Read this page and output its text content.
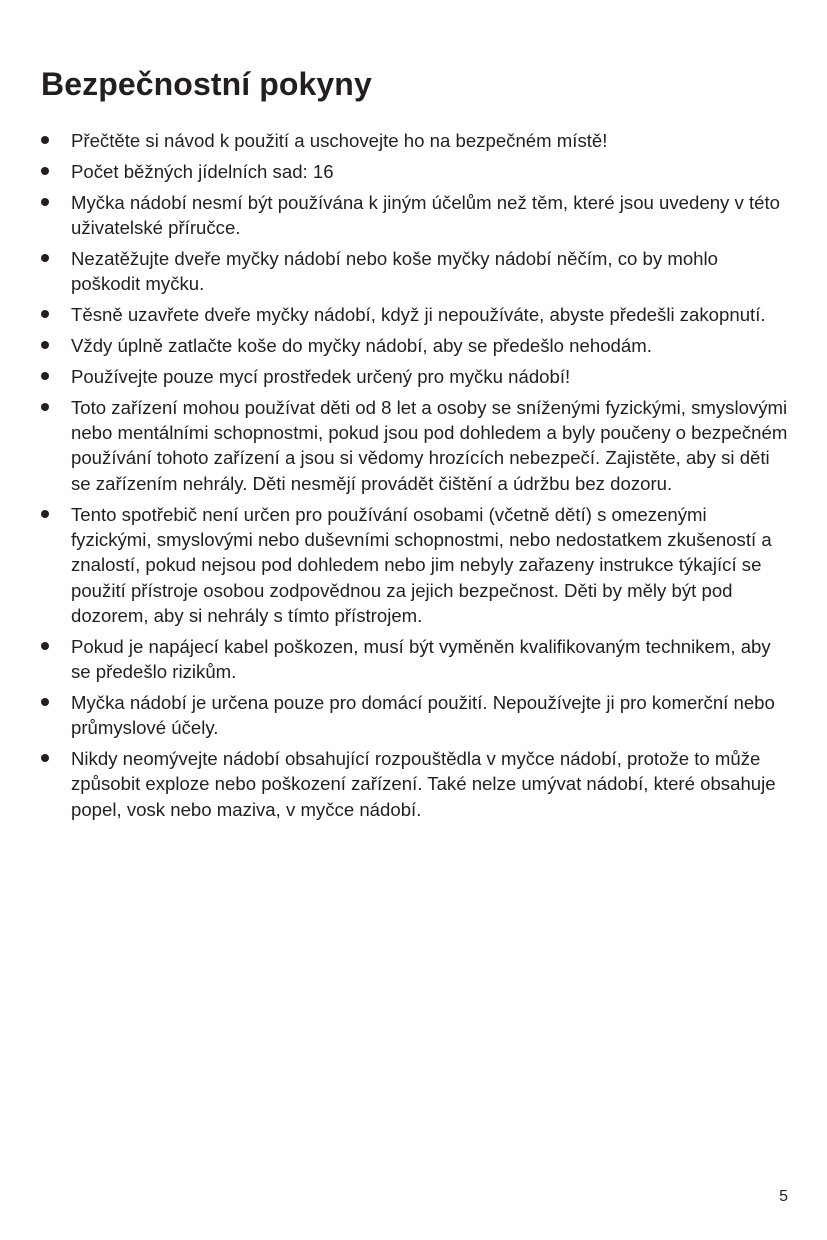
Bezpečnostní pokyny
Přečtěte si návod k použití a uschovejte ho na bezpečném místě!
Počet běžných jídelních sad: 16
Myčka nádobí nesmí být používána k jiným účelům než těm, které jsou uvedeny v této uživatelské příručce.
Nezatěžujte dveře myčky nádobí nebo koše myčky nádobí něčím, co by mohlo poškodit myčku.
Těsně uzavřete dveře myčky nádobí, když ji nepoužíváte, abyste předešli zakopnutí.
Vždy úplně zatlačte koše do myčky nádobí, aby se předešlo nehodám.
Používejte pouze mycí prostředek určený pro myčku nádobí!
Toto zařízení mohou používat děti od 8 let a osoby se sníženými fyzickými, smyslovými nebo mentálními schopnostmi, pokud jsou pod dohledem a byly poučeny o bezpečném používání tohoto zařízení a jsou si vědomy hrozících nebezpečí. Zajistěte, aby si děti se zařízením nehrály. Děti nesmějí provádět čištění a údržbu bez dozoru.
Tento spotřebič není určen pro používání osobami (včetně dětí) s omezenými fyzickými, smyslovými nebo duševními schopnostmi, nebo nedostatkem zkušeností a znalostí, pokud nejsou pod dohledem nebo jim nebyly zařazeny instrukce týkající se použití přístroje osobou zodpovědnou za jejich bezpečnost. Děti by měly být pod dozorem, aby si nehrály s tímto přístrojem.
Pokud je napájecí kabel poškozen, musí být vyměněn kvalifikovaným technikem, aby se předešlo rizikům.
Myčka nádobí je určena pouze pro domácí použití. Nepoužívejte ji pro komerční nebo průmyslové účely.
Nikdy neomývejte nádobí obsahující rozpouštědla v myčce nádobí, protože to může způsobit exploze nebo poškození zařízení. Také nelze umývat nádobí, které obsahuje popel, vosk nebo maziva, v myčce nádobí.
5
